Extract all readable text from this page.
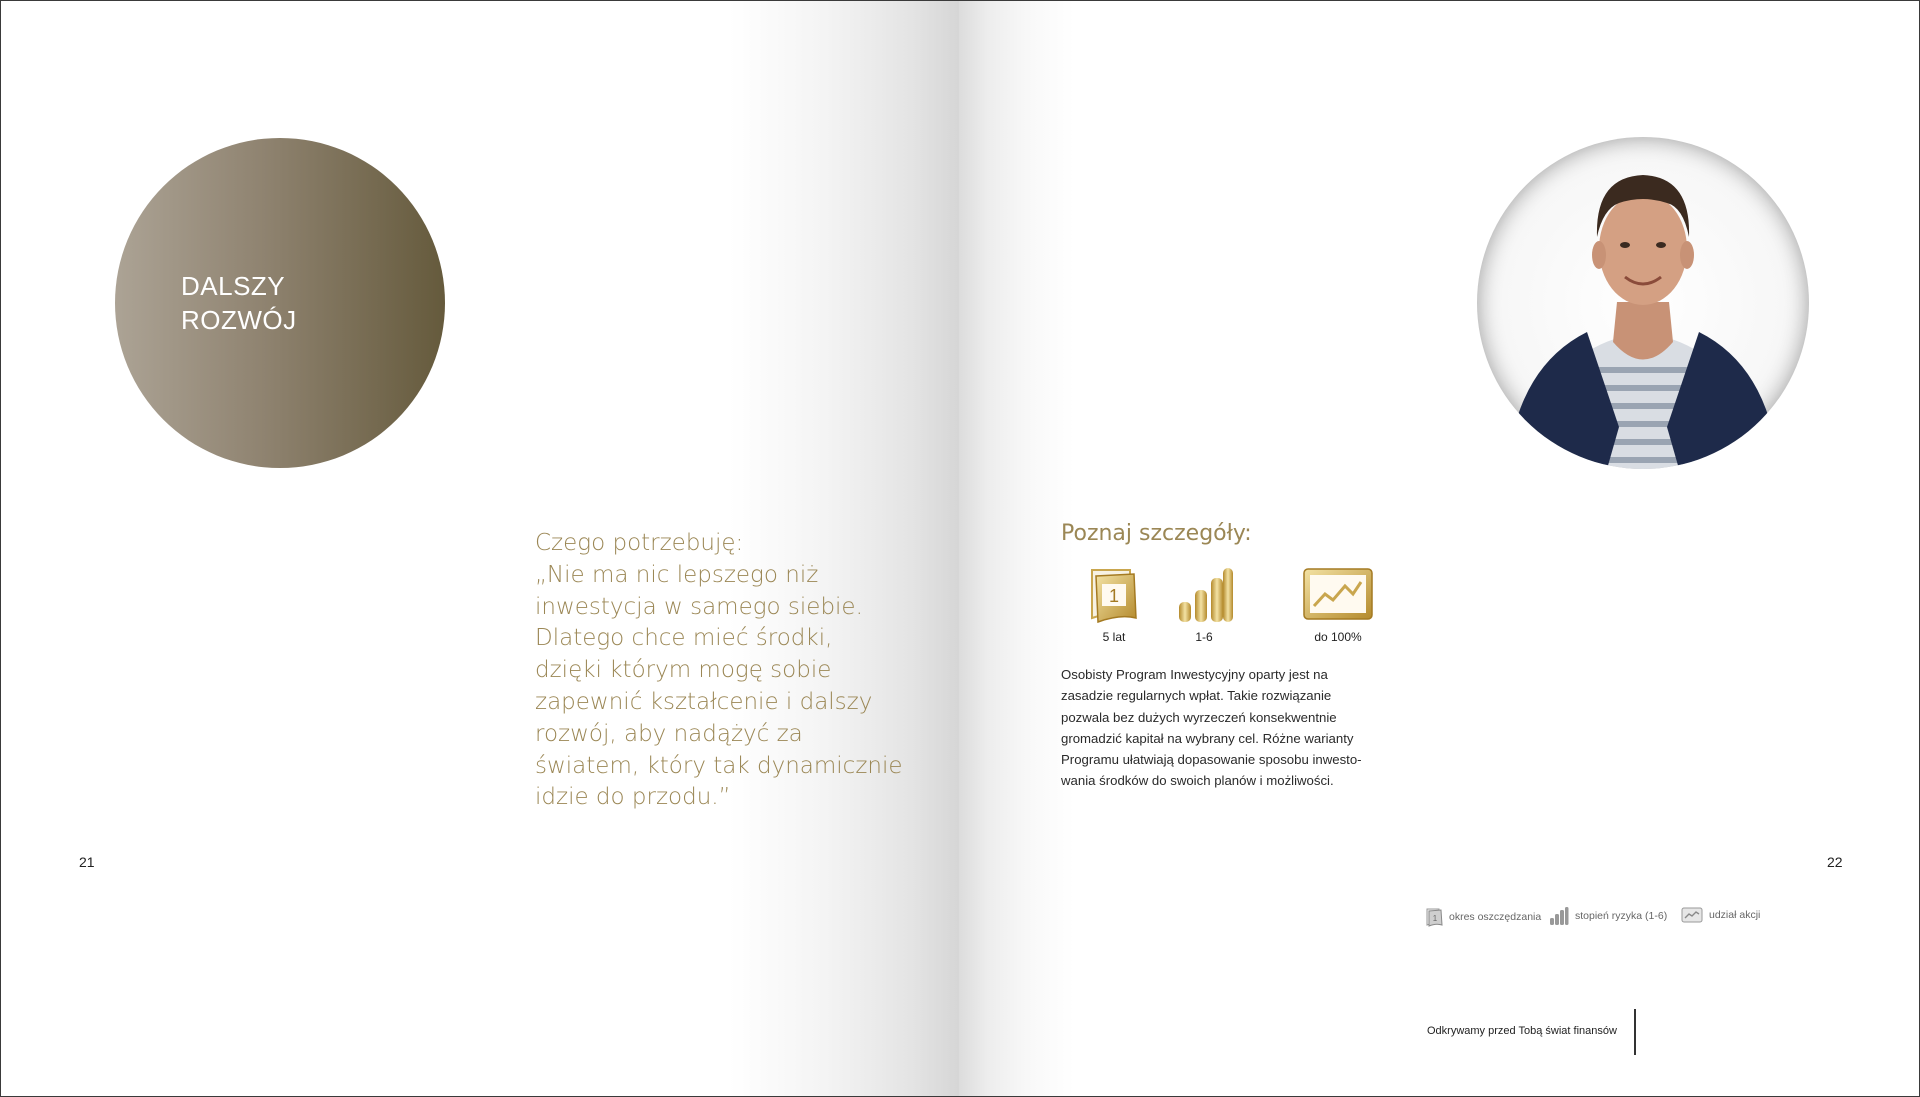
DALSZY
ROZWÓJ
Czego potrzebuję:
„Nie ma nic lepszego niż
inwestycja w samego siebie.
Dlatego chce mieć środki,
dzięki którym mogę sobie
zapewnić kształcenie i dalszy
rozwój, aby nadążyć za
światem, który tak dynamicznie
idzie do przodu.”
21
Poznaj szczegóły:
1
5 lat	1-6	do 100%
Osobisty Program Inwestycyjny oparty jest na
zasadzie regularnych wpłat. Takie rozwiązanie
pozwala bez dużych wyrzeczeń konsekwentnie
gromadzić kapitał na wybrany cel. Różne warianty
Programu ułatwiają dopasowanie sposobu inwesto-
wania środków do swoich planów i możliwości.
22
1 okres oszczędzania	stopień ryzyka (1-6)	udział akcji
Odkrywamy przed Tobą świat finansów
